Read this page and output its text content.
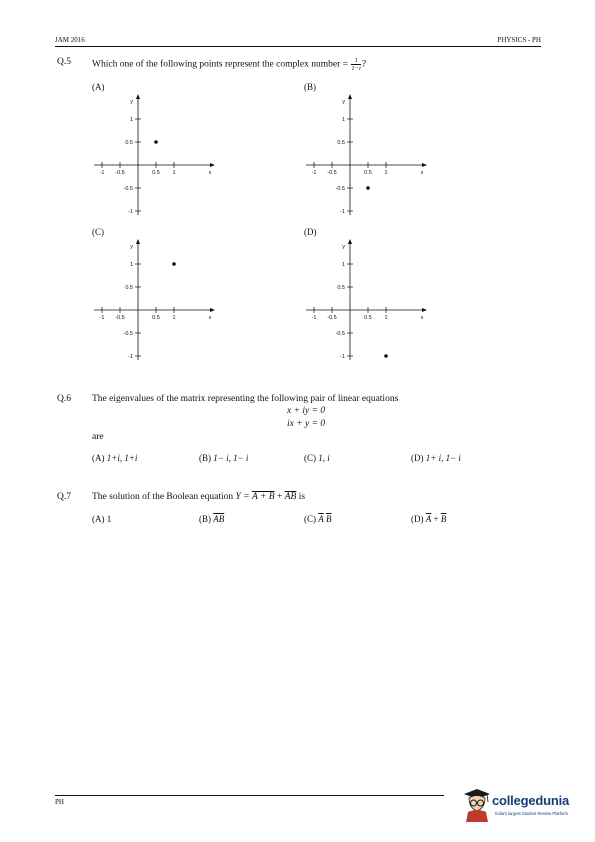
JAM 2016	PHYSICS - PH
Q.5 Which one of the following points represent the complex number = $\frac{1}{1-i}$ ?
(A)	(B)
(C)	(D)
-1 -0.5	0.5 1	x
1
0.5
-0.5
-1
y
-1 -0.5	0.5 1	x
1
0.5
-0.5
-1
y
-1 -0.5	0.5 1	x
1
0.5
-0.5
-1
y
-1 -0.5	0.5 1	x
1
0.5
-0.5
-1
y
Q.6 The eigenvalues of the matrix representing the following pair of linear equations
x + iy = 0
ix + y = 0
are
(A) 1+i, 1+i	(B) 1− i, 1− i	(C) 1, i	(D) 1+ i, 1− i
Q.7 The solution of the Boolean equation $Y = A + B + \overline{AB}$ is
(A) 1	(B) $\overline{AB}$	(C) $\overline{A}$ $\overline{B}$	(D) $\overline{A} + \overline{B}$
PH	collegedunia
India's largest Student Review Platform
